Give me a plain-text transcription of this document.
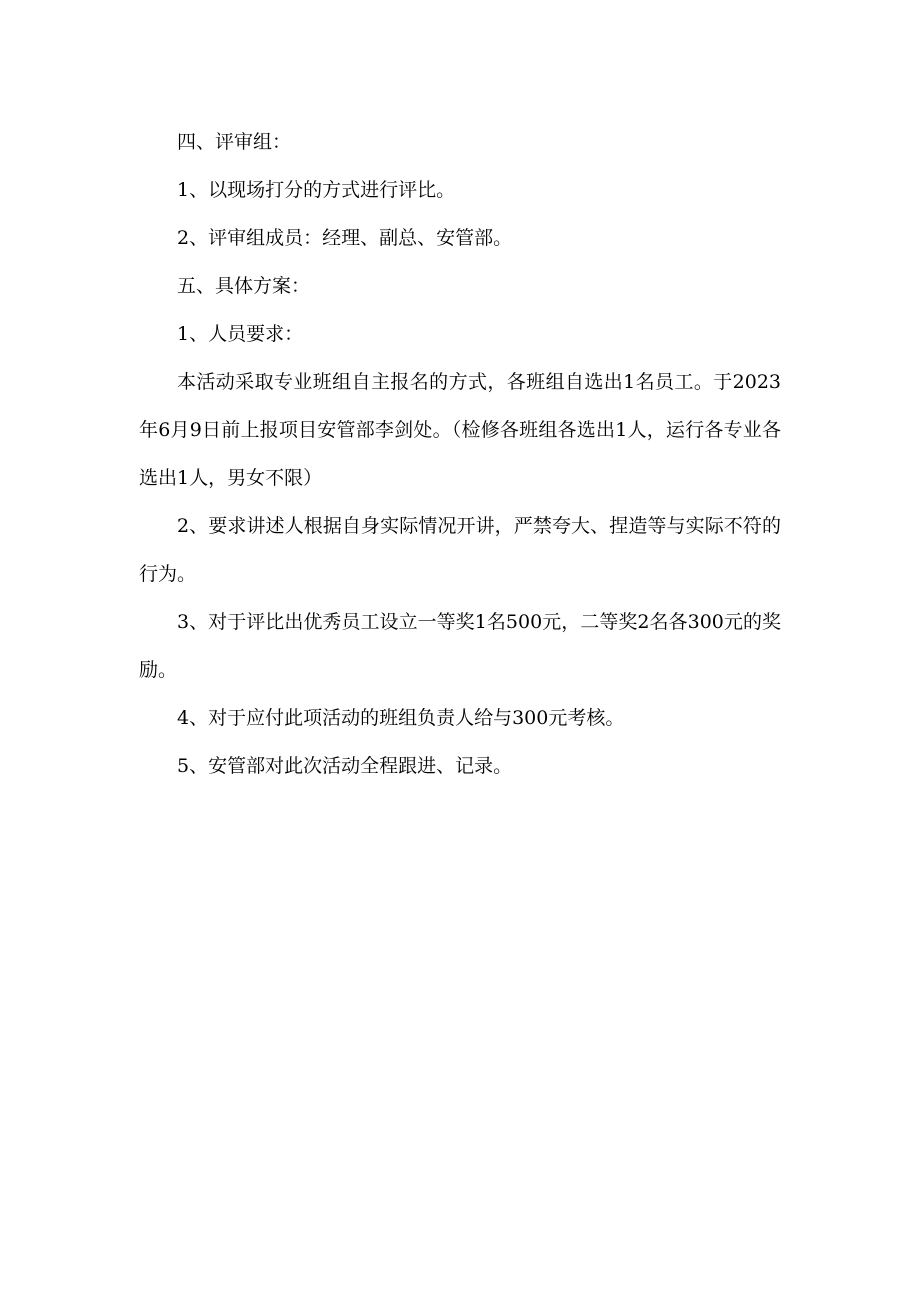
四、评审组：

1、以现场打分的方式进行评比。

2、评审组成员：经理、副总、安管部。

五、具体方案：

1、人员要求：

本活动采取专业班组自主报名的方式，各班组自选出1名员工。于2023年6月9日前上报项目安管部李剑处。（检修各班组各选出1人，运行各专业各选出1人，男女不限）

2、要求讲述人根据自身实际情况开讲，严禁夸大、捏造等与实际不符的行为。

3、对于评比出优秀员工设立一等奖1名500元，二等奖2名各300元的奖励。

4、对于应付此项活动的班组负责人给与300元考核。

5、安管部对此次活动全程跟进、记录。
